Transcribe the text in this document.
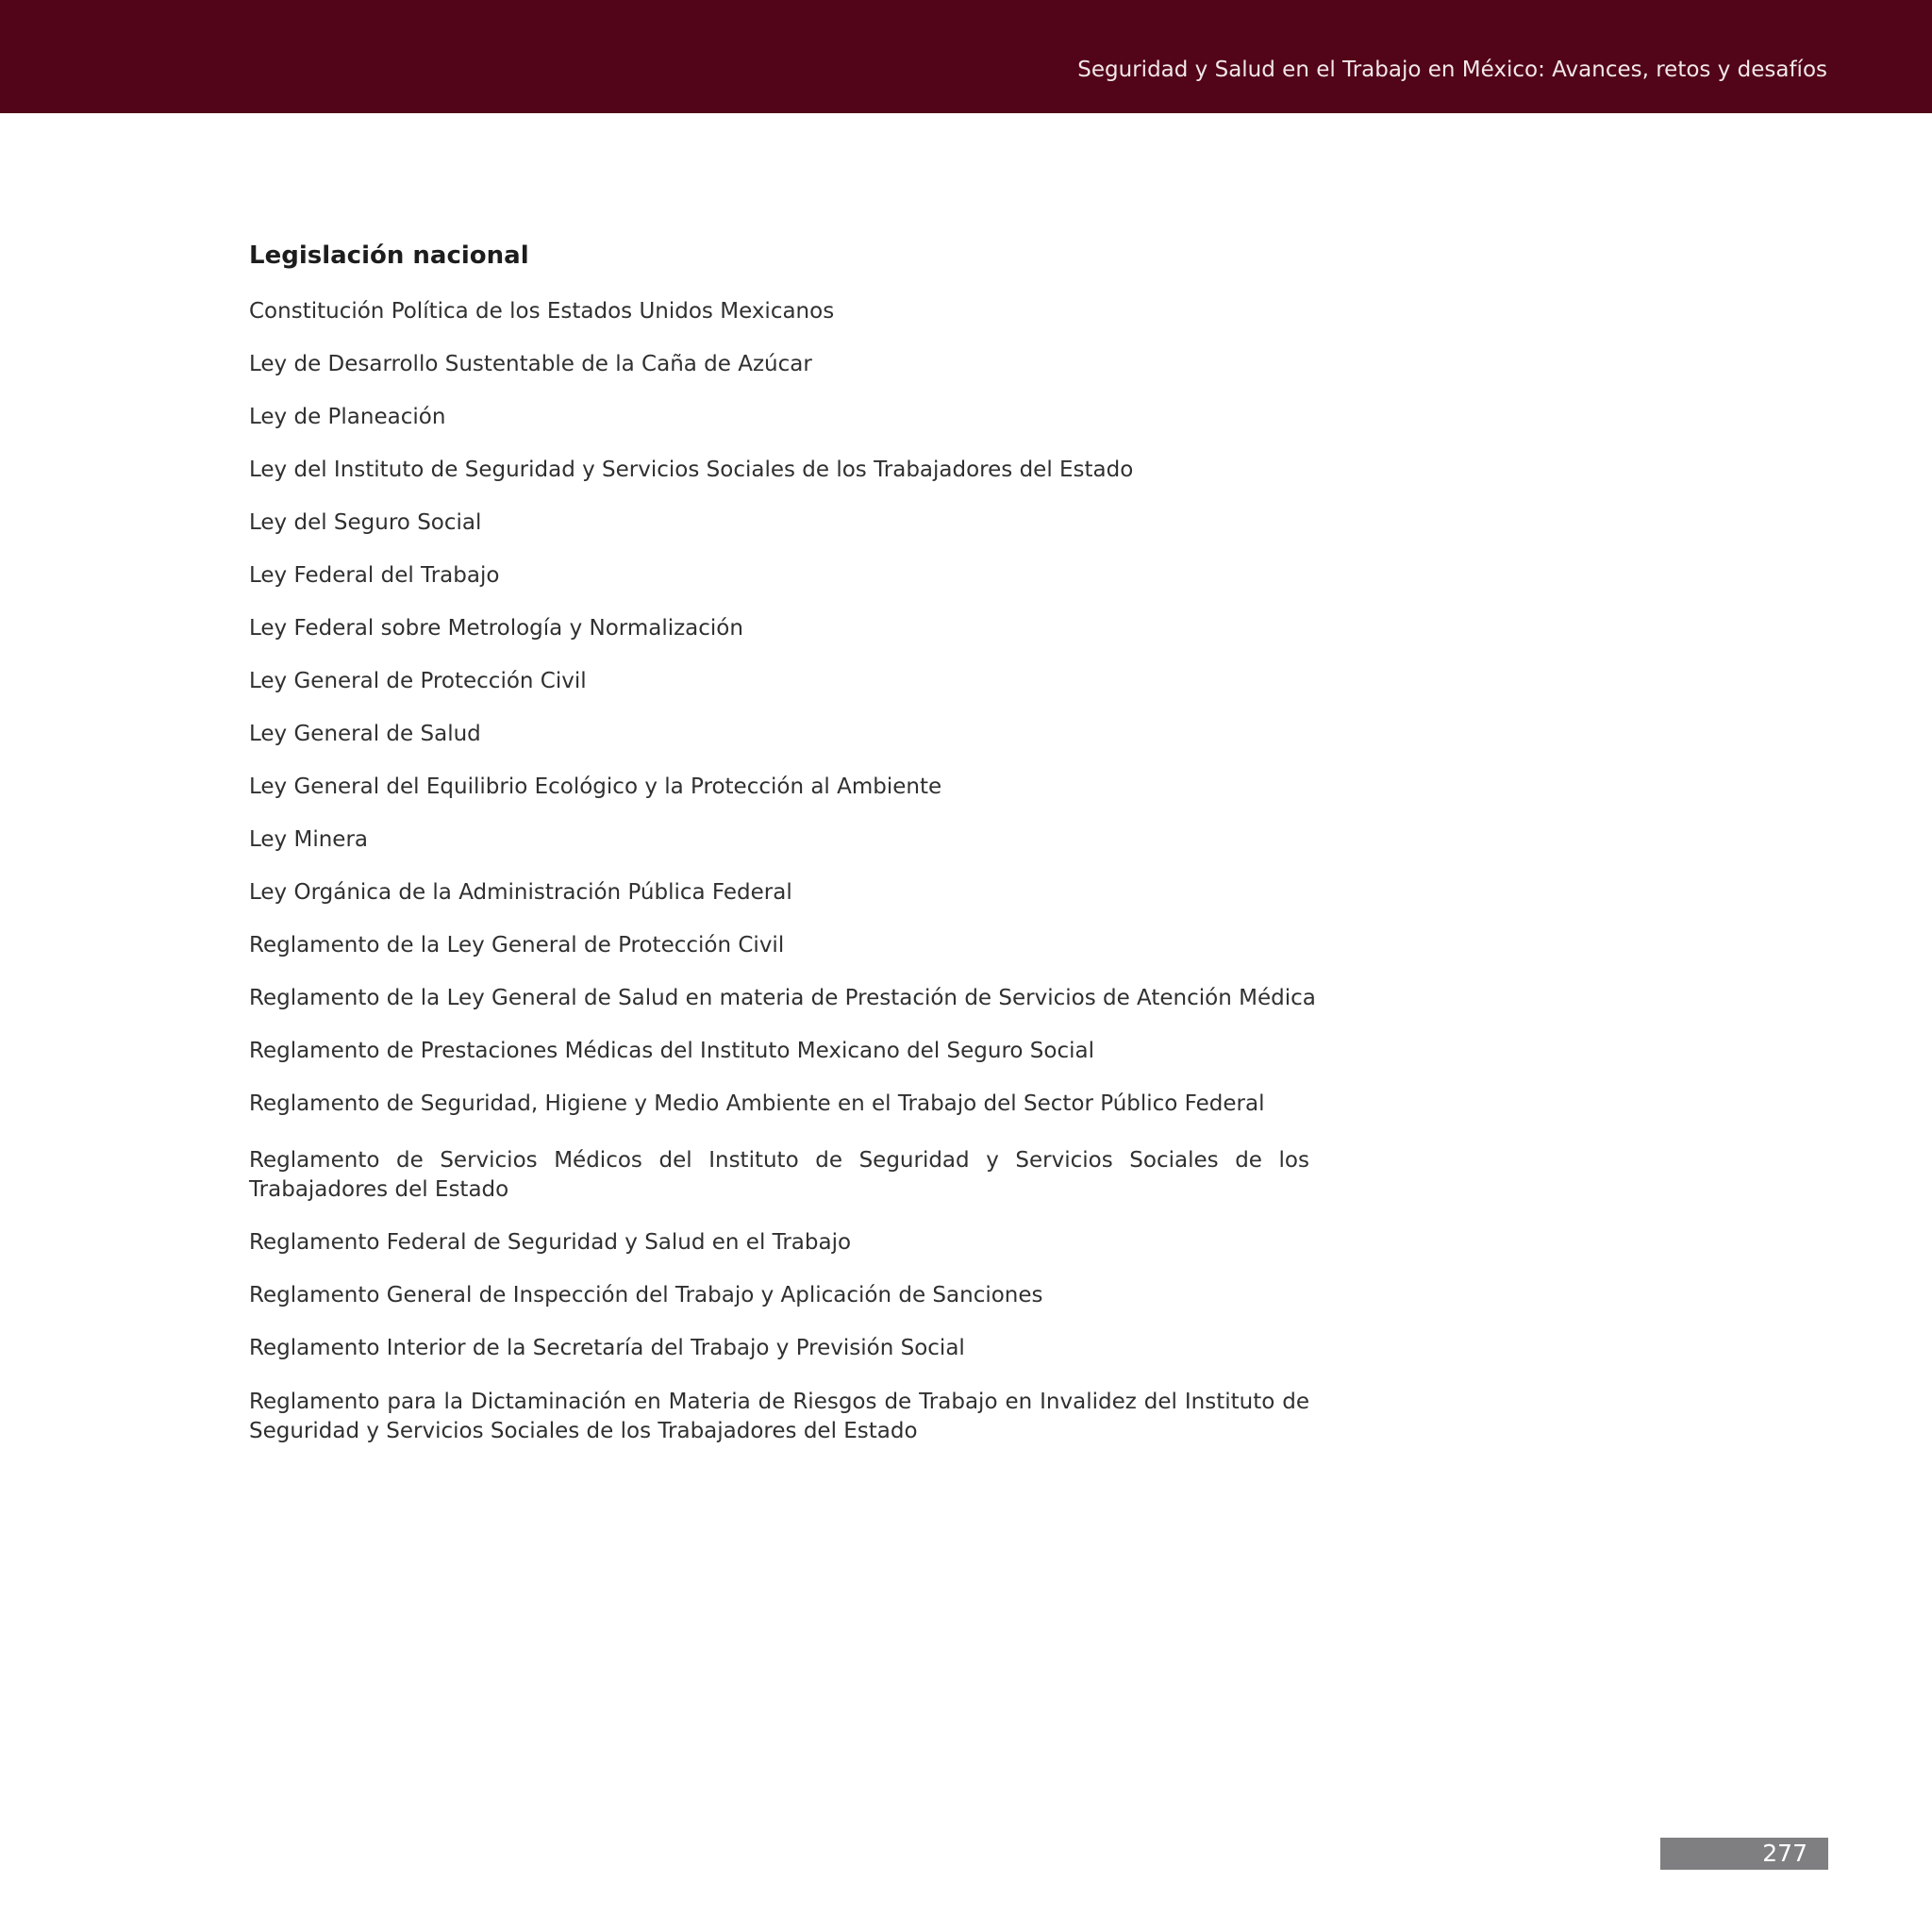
Seguridad y Salud en el Trabajo en México: Avances, retos y desafíos
Legislación nacional

Constitución Política de los Estados Unidos Mexicanos

Ley de Desarrollo Sustentable de la Caña de Azúcar

Ley de Planeación

Ley del Instituto de Seguridad y Servicios Sociales de los Trabajadores del Estado

Ley del Seguro Social

Ley Federal del Trabajo

Ley Federal sobre Metrología y Normalización

Ley General de Protección Civil

Ley General de Salud

Ley General del Equilibrio Ecológico y la Protección al Ambiente

Ley Minera

Ley Orgánica de la Administración Pública Federal

Reglamento de la Ley General de Protección Civil

Reglamento de la Ley General de Salud en materia de Prestación de Servicios de Atención Médica

Reglamento de Prestaciones Médicas del Instituto Mexicano del Seguro Social

Reglamento de Seguridad, Higiene y Medio Ambiente en el Trabajo del Sector Público Federal

Reglamento de Servicios Médicos del Instituto de Seguridad y Servicios Sociales de los Trabajadores del Estado

Reglamento Federal de Seguridad y Salud en el Trabajo

Reglamento General de Inspección del Trabajo y Aplicación de Sanciones

Reglamento Interior de la Secretaría del Trabajo y Previsión Social

Reglamento para la Dictaminación en Materia de Riesgos de Trabajo en Invalidez del Instituto de Seguridad y Servicios Sociales de los Trabajadores del Estado

277
